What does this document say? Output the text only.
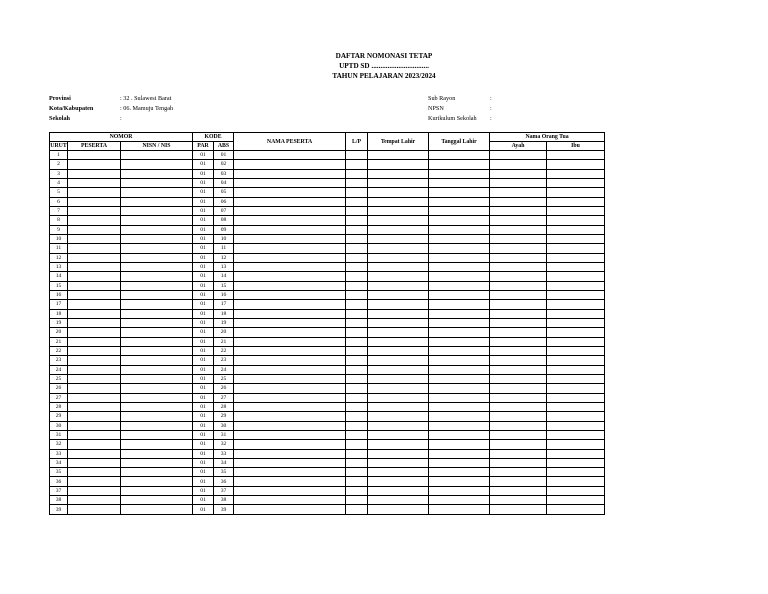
DAFTAR NOMONASI TETAP
UPTD SD ................................
TAHUN PELAJARAN 2023/2024
Provinsi	: 32 . Sulawesi Barat
Kota/Kabupaten	: 06. Mamuju Tengah
Sekolah	:
Sub Rayon	:
NPSN	:
Kurikulum Sekolah :
NOMOR			KODE		NAMA PESERTA	L/P	Tempat Lahir	Tanggal Lahir	Nama Orang Tua	
URUT	PESERTA	NISN / NIS	PAR	ABS					Ayah	Ibu
1			01	01						
2			01	02						
3			01	03						
4			01	04						
5			01	05						
6			01	06						
7			01	07						
8			01	08						
9			01	09						
10			01	10						
11			01	11						
12			01	12						
13			01	13						
14			01	14						
15			01	15						
16			01	16						
17			01	17						
18			01	18						
19			01	19						
20			01	20						
21			01	21						
22			01	22						
23			01	23						
24			01	24						
25			01	25						
26			01	26						
27			01	27						
28			01	28						
29			01	29						
30			01	30						
31			01	31						
32			01	32						
33			01	33						
34			01	34						
35			01	35						
36			01	36						
37			01	37						
38			01	38						
39			01	39						
